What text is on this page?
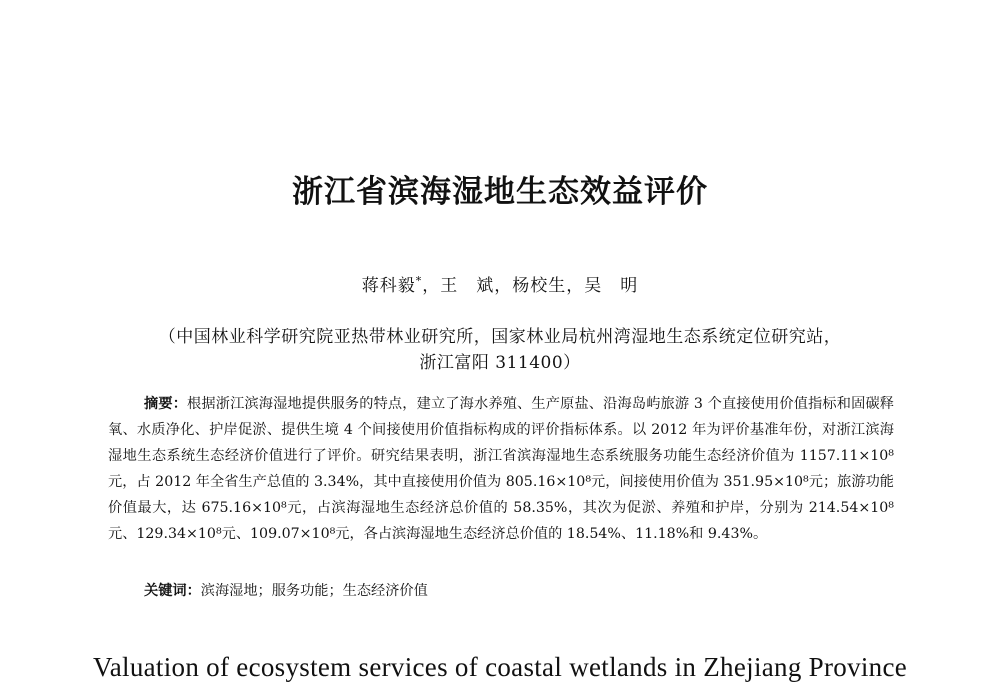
浙江省滨海湿地生态效益评价
蒋科毅*，王　斌，杨校生，吴　明
（中国林业科学研究院亚热带林业研究所，国家林业局杭州湾湿地生态系统定位研究站，
浙江富阳 311400）
摘要：根据浙江滨海湿地提供服务的特点，建立了海水养殖、生产原盐、沿海岛屿旅游 3 个直接使用价值指标和固碳释氧、水质净化、护岸促淤、提供生境 4 个间接使用价值指标构成的评价指标体系。以 2012 年为评价基准年份，对浙江滨海湿地生态系统生态经济价值进行了评价。研究结果表明，浙江省滨海湿地生态系统服务功能生态经济价值为 1157.11×10⁸元，占 2012 年全省生产总值的 3.34%，其中直接使用价值为 805.16×10⁸元，间接使用价值为 351.95×10⁸元；旅游功能价值最大，达 675.16×10⁸元，占滨海湿地生态经济总价值的 58.35%，其次为促淤、养殖和护岸，分别为 214.54×10⁸元、129.34×10⁸元、109.07×10⁸元，各占滨海湿地生态经济总价值的 18.54%、11.18%和 9.43%。
关键词：滨海湿地；服务功能；生态经济价值
Valuation of ecosystem services of coastal wetlands in Zhejiang Province
